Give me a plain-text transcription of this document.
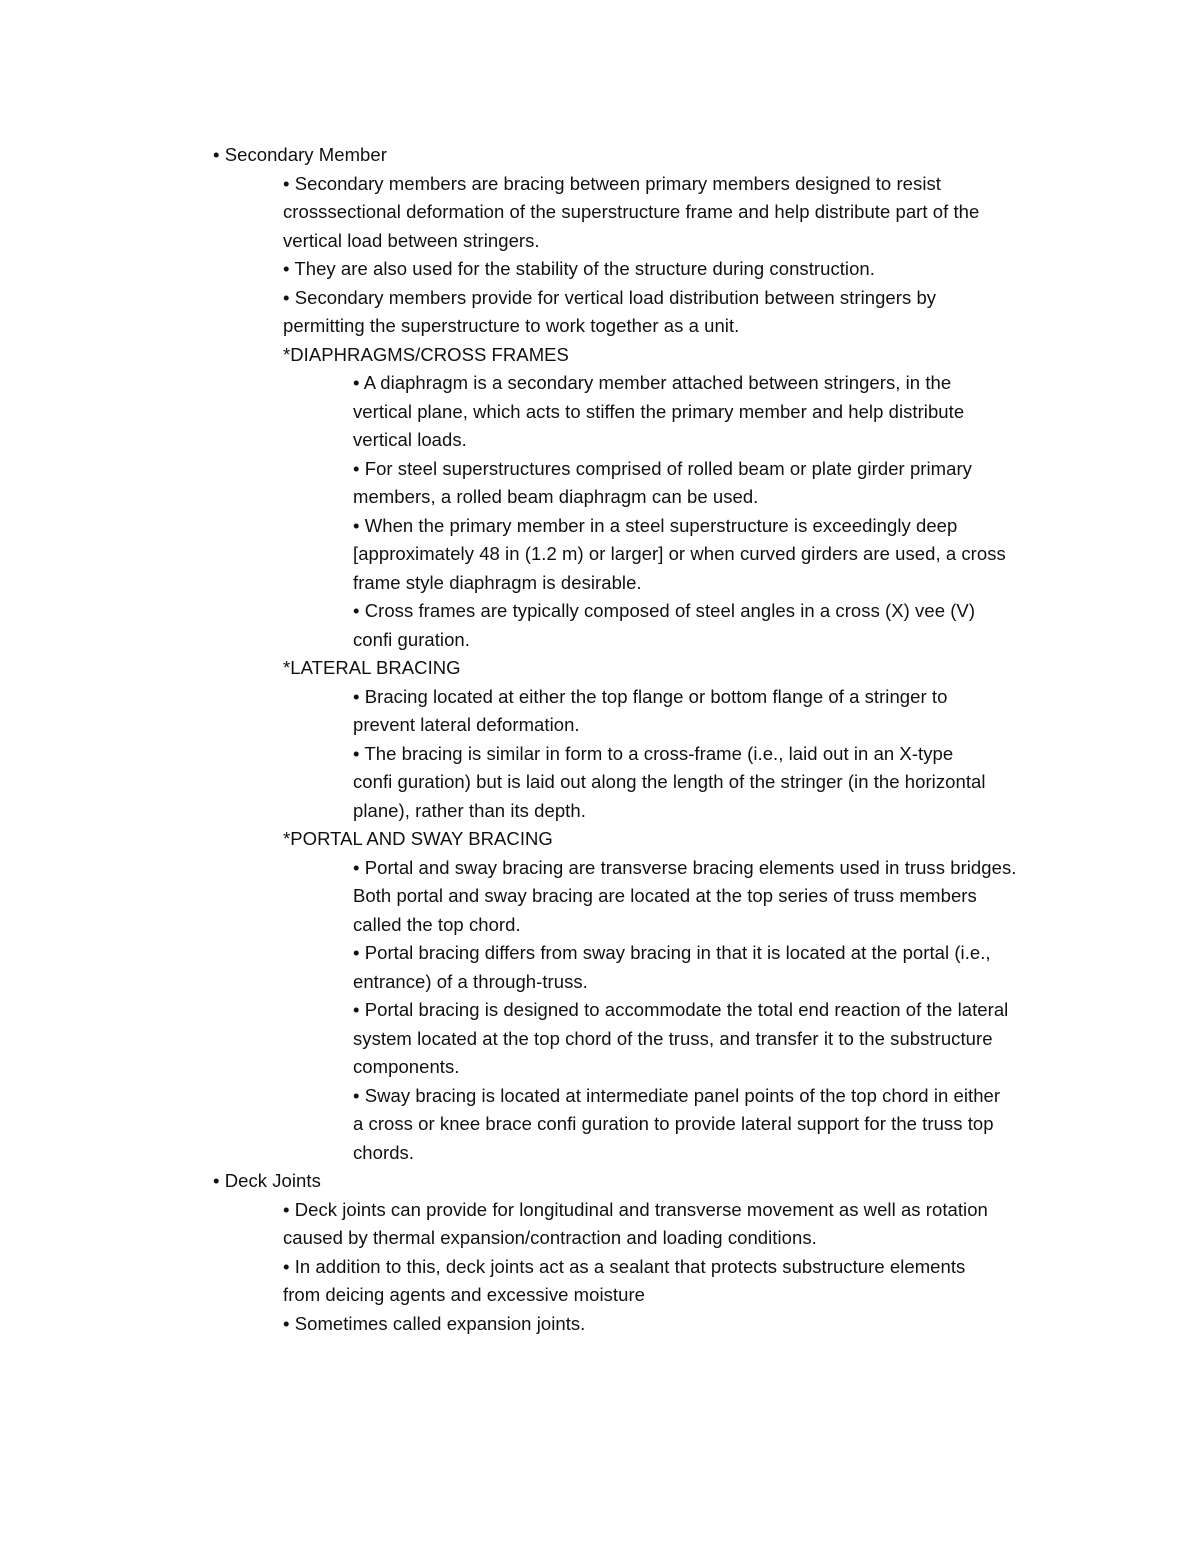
• Secondary Member
• Secondary members are bracing between primary members designed to resist
crosssectional deformation of the superstructure frame and help distribute part of the
vertical load between stringers.
• They are also used for the stability of the structure during construction.
• Secondary members provide for vertical load distribution between stringers by
permitting the superstructure to work together as a unit.
*DIAPHRAGMS/CROSS FRAMES
• A diaphragm is a secondary member attached between stringers, in the
vertical plane, which acts to stiffen the primary member and help distribute
vertical loads.
• For steel superstructures comprised of rolled beam or plate girder primary
members, a rolled beam diaphragm can be used.
• When the primary member in a steel superstructure is exceedingly deep
[approximately 48 in (1.2 m) or larger] or when curved girders are used, a cross
frame style diaphragm is desirable.
• Cross frames are typically composed of steel angles in a cross (X) vee (V)
confi guration.
*LATERAL BRACING
• Bracing located at either the top flange or bottom flange of a stringer to
prevent lateral deformation.
• The bracing is similar in form to a cross-frame (i.e., laid out in an X-type
confi guration) but is laid out along the length of the stringer (in the horizontal
plane), rather than its depth.
*PORTAL AND SWAY BRACING
• Portal and sway bracing are transverse bracing elements used in truss bridges.
Both portal and sway bracing are located at the top series of truss members
called the top chord.
• Portal bracing differs from sway bracing in that it is located at the portal (i.e.,
entrance) of a through-truss.
• Portal bracing is designed to accommodate the total end reaction of the lateral
system located at the top chord of the truss, and transfer it to the substructure
components.
• Sway bracing is located at intermediate panel points of the top chord in either
a cross or knee brace confi guration to provide lateral support for the truss top
chords.
• Deck Joints
• Deck joints can provide for longitudinal and transverse movement as well as rotation
caused by thermal expansion/contraction and loading conditions.
• In addition to this, deck joints act as a sealant that protects substructure elements
from deicing agents and excessive moisture
• Sometimes called expansion joints.
